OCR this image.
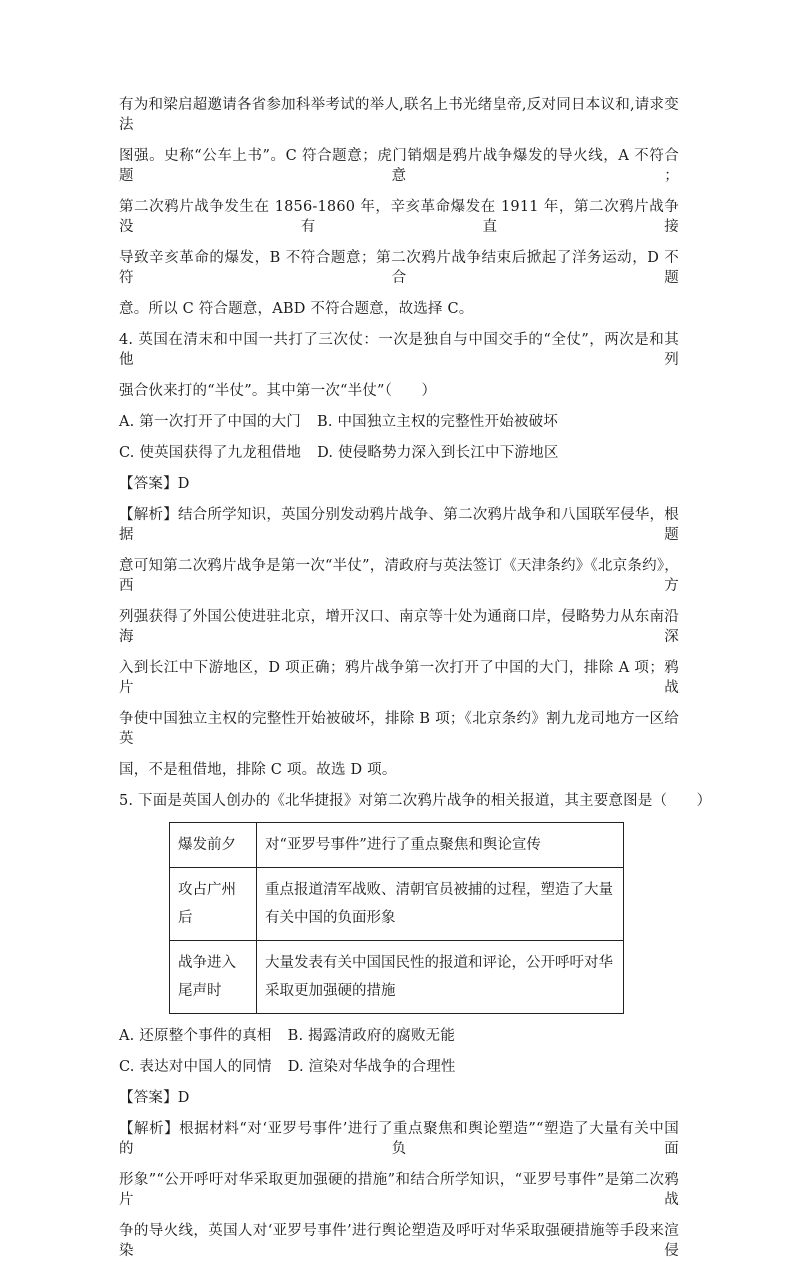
有为和梁启超邀请各省参加科举考试的举人,联名上书光绪皇帝,反对同日本议和,请求变法
图强。史称“公车上书”。C 符合题意；虎门销烟是鸦片战争爆发的导火线，A 不符合题意；
第二次鸦片战争发生在 1856-1860 年，辛亥革命爆发在 1911 年，第二次鸦片战争没有直接
导致辛亥革命的爆发，B 不符合题意；第二次鸦片战争结束后掀起了洋务运动，D 不符合题
意。所以 C 符合题意，ABD 不符合题意，故选择 C。
4. 英国在清末和中国一共打了三次仗：一次是独自与中国交手的“全仗”，两次是和其他列
强合伙来打的“半仗”。其中第一次“半仗”（　　）
A. 第一次打开了中国的大门 B. 中国独立主权的完整性开始被破坏
C. 使英国获得了九龙租借地 D. 使侵略势力深入到长江中下游地区
【答案】D
【解析】结合所学知识，英国分别发动鸦片战争、第二次鸦片战争和八国联军侵华，根据题
意可知第二次鸦片战争是第一次“半仗”，清政府与英法签订《天津条约》《北京条约》，西方
列强获得了外国公使进驻北京，增开汉口、南京等十处为通商口岸，侵略势力从东南沿海深
入到长江中下游地区，D 项正确；鸦片战争第一次打开了中国的大门，排除 A 项；鸦片战
争使中国独立主权的完整性开始被破坏，排除 B 项；《北京条约》割九龙司地方一区给英
国，不是租借地，排除 C 项。故选 D 项。
5. 下面是英国人创办的《北华捷报》对第二次鸦片战争的相关报道，其主要意图是（　　）
爆发前夕	对“亚罗号事件”进行了重点聚焦和舆论宣传
攻占广州后	重点报道清军战败、清朝官员被捕的过程，塑造了大量有关中国的负面形象
战争进入尾声时	大量发表有关中国国民性的报道和评论，公开呼吁对华采取更加强硬的措施
A. 还原整个事件的真相 B. 揭露清政府的腐败无能
C. 表达对中国人的同情 D. 渲染对华战争的合理性
【答案】D
【解析】根据材料“对‘亚罗号事件’进行了重点聚焦和舆论塑造”“塑造了大量有关中国的负面
形象”“公开呼吁对华采取更加强硬的措施”和结合所学知识，“亚罗号事件”是第二次鸦片战
争的导火线，英国人对‘亚罗号事件’进行舆论塑造及呼吁对华采取强硬措施等手段来渲染侵
